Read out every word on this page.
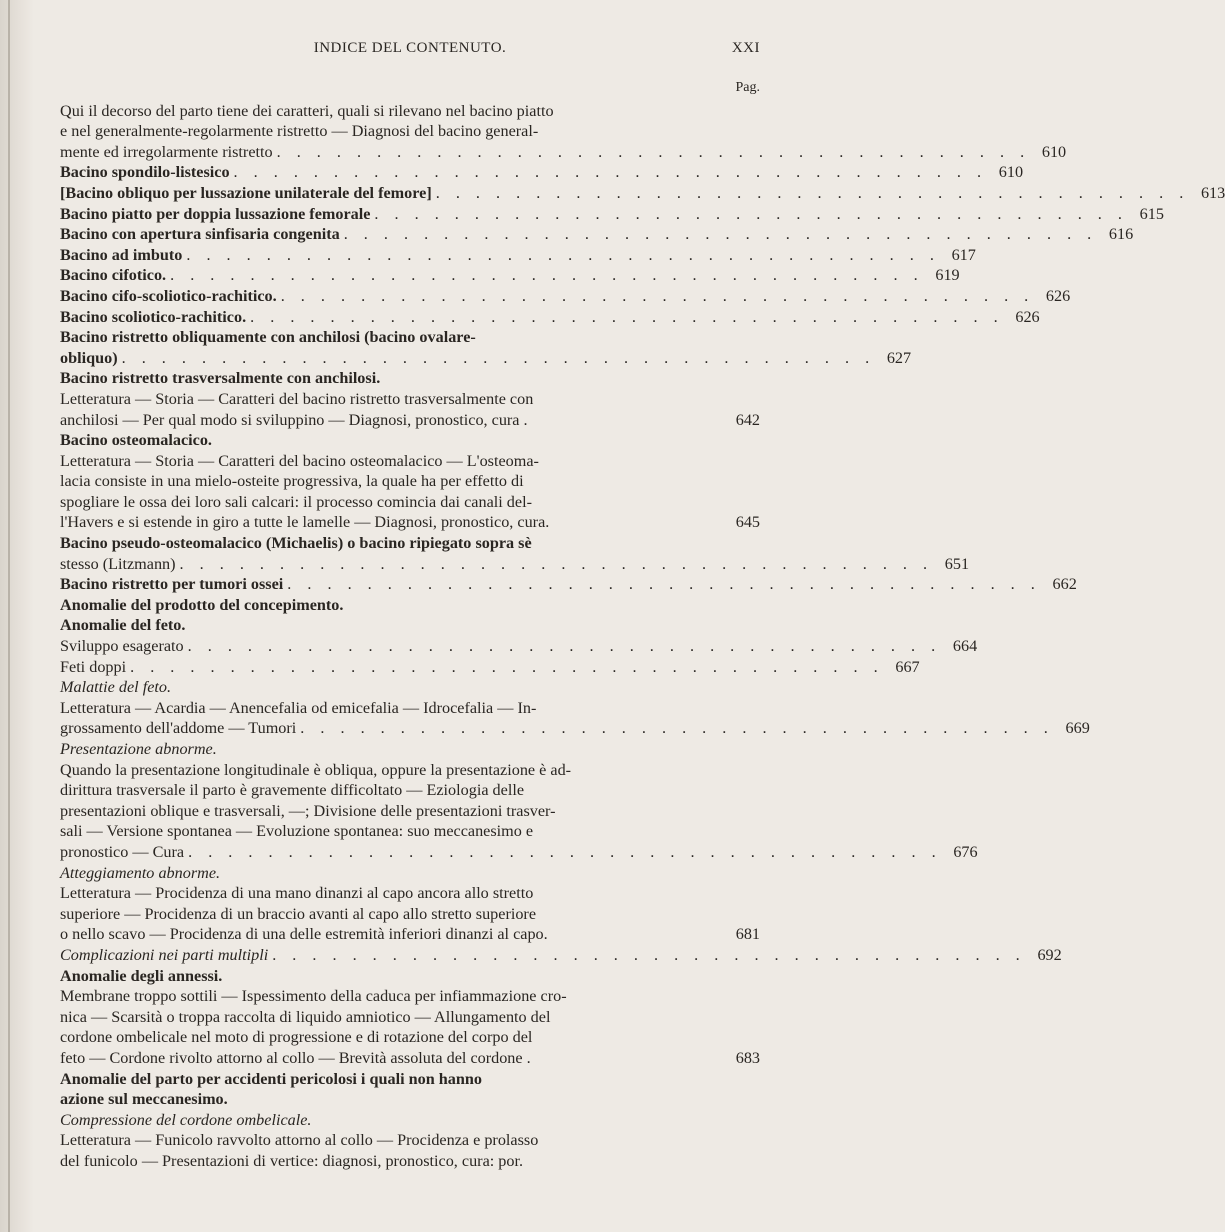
INDICE DEL CONTENUTO.	XXI
Pag.
Qui il decorso del parto tiene dei caratteri, quali si rilevano nel bacino piatto
e nel generalmente-regolarmente ristretto — Diagnosi del bacino general-
mente ed irregolarmente ristretto . . . . . . . . . . . . . . . . . . . . . . . . . . . . . . . . . . . . . . 610
Bacino spondilo-listesico . . . . . . . . . . . . . . . . . . . . . . . . . . . . . . . . . . . . . . 610
[Bacino obliquo per lussazione unilaterale del femore] . . . . . . . . . . . . . . . . . . . . . . . . . . . . . . . . . . . . . . 613
Bacino piatto per doppia lussazione femorale . . . . . . . . . . . . . . . . . . . . . . . . . . . . . . . . . . . . . . 615
Bacino con apertura sinfisaria congenita . . . . . . . . . . . . . . . . . . . . . . . . . . . . . . . . . . . . . . 616
Bacino ad imbuto . . . . . . . . . . . . . . . . . . . . . . . . . . . . . . . . . . . . . . 617
Bacino cifotico. . . . . . . . . . . . . . . . . . . . . . . . . . . . . . . . . . . . . . . 619
Bacino cifo-scoliotico-rachitico. . . . . . . . . . . . . . . . . . . . . . . . . . . . . . . . . . . . . . . 626
Bacino scoliotico-rachitico. . . . . . . . . . . . . . . . . . . . . . . . . . . . . . . . . . . . . . . 626
Bacino ristretto obliquamente con anchilosi (bacino ovalare-
obliquo) . . . . . . . . . . . . . . . . . . . . . . . . . . . . . . . . . . . . . . 627
Bacino ristretto trasversalmente con anchilosi.
Letteratura — Storia — Caratteri del bacino ristretto trasversalmente con
anchilosi — Per qual modo si sviluppino — Diagnosi, pronostico, cura .	642
Bacino osteomalacico.
Letteratura — Storia — Caratteri del bacino osteomalacico — L'osteoma-
lacia consiste in una mielo-osteite progressiva, la quale ha per effetto di
spogliare le ossa dei loro sali calcari: il processo comincia dai canali del-
l'Havers e si estende in giro a tutte le lamelle — Diagnosi, pronostico, cura.	645
Bacino pseudo-osteomalacico (Michaelis) o bacino ripiegato sopra sè
stesso (Litzmann) . . . . . . . . . . . . . . . . . . . . . . . . . . . . . . . . . . . . . . 651
Bacino ristretto per tumori ossei . . . . . . . . . . . . . . . . . . . . . . . . . . . . . . . . . . . . . . 662
Anomalie del prodotto del concepimento.
Anomalie del feto.
Sviluppo esagerato . . . . . . . . . . . . . . . . . . . . . . . . . . . . . . . . . . . . . . 664
Feti doppi . . . . . . . . . . . . . . . . . . . . . . . . . . . . . . . . . . . . . . 667
Malattie del feto.
Letteratura — Acardia — Anencefalia od emicefalia — Idrocefalia — In-
grossamento dell'addome — Tumori . . . . . . . . . . . . . . . . . . . . . . . . . . . . . . . . . . . . . . 669
Presentazione abnorme.
Quando la presentazione longitudinale è obliqua, oppure la presentazione è ad-
dirittura trasversale il parto è gravemente difficoltato — Eziologia delle
presentazioni oblique e trasversali, —; Divisione delle presentazioni trasver-
sali — Versione spontanea — Evoluzione spontanea: suo meccanesimo e
pronostico — Cura . . . . . . . . . . . . . . . . . . . . . . . . . . . . . . . . . . . . . . 676
Atteggiamento abnorme.
Letteratura — Procidenza di una mano dinanzi al capo ancora allo stretto
superiore — Procidenza di un braccio avanti al capo allo stretto superiore
o nello scavo — Procidenza di una delle estremità inferiori dinanzi al capo.	681
Complicazioni nei parti multipli . . . . . . . . . . . . . . . . . . . . . . . . . . . . . . . . . . . . . . 692
Anomalie degli annessi.
Membrane troppo sottili — Ispessimento della caduca per infiammazione cro-
nica — Scarsità o troppa raccolta di liquido amniotico — Allungamento del
cordone ombelicale nel moto di progressione e di rotazione del corpo del
feto — Cordone rivolto attorno al collo — Brevità assoluta del cordone .	683
Anomalie del parto per accidenti pericolosi i quali non hanno
azione sul meccanesimo.
Compressione del cordone ombelicale.
Letteratura — Funicolo ravvolto attorno al collo — Procidenza e prolasso
del funicolo — Presentazioni di vertice: diagnosi, pronostico, cura: por.
